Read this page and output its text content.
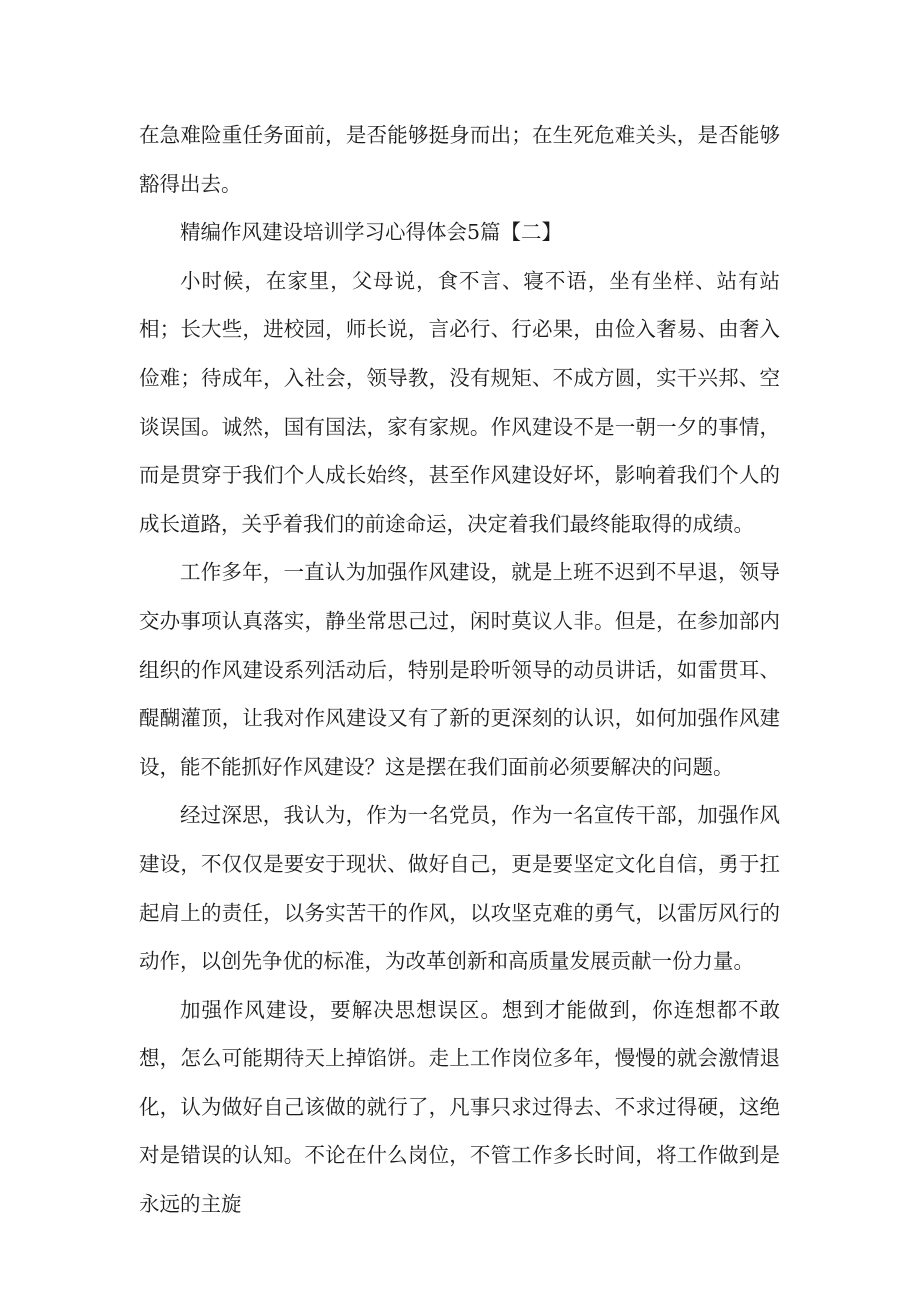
在急难险重任务面前，是否能够挺身而出；在生死危难关头，是否能够豁得出去。

精编作风建设培训学习心得体会5篇【二】

小时候，在家里，父母说，食不言、寝不语，坐有坐样、站有站相；长大些，进校园，师长说，言必行、行必果，由俭入奢易、由奢入俭难；待成年，入社会，领导教，没有规矩、不成方圆，实干兴邦、空谈误国。诚然，国有国法，家有家规。作风建设不是一朝一夕的事情，而是贯穿于我们个人成长始终，甚至作风建设好坏，影响着我们个人的成长道路，关乎着我们的前途命运，决定着我们最终能取得的成绩。

工作多年，一直认为加强作风建设，就是上班不迟到不早退，领导交办事项认真落实，静坐常思己过，闲时莫议人非。但是，在参加部内组织的作风建设系列活动后，特别是聆听领导的动员讲话，如雷贯耳、醍醐灌顶，让我对作风建设又有了新的更深刻的认识，如何加强作风建设，能不能抓好作风建设？这是摆在我们面前必须要解决的问题。

经过深思，我认为，作为一名党员，作为一名宣传干部，加强作风建设，不仅仅是要安于现状、做好自己，更是要坚定文化自信，勇于扛起肩上的责任，以务实苦干的作风，以攻坚克难的勇气，以雷厉风行的动作，以创先争优的标准，为改革创新和高质量发展贡献一份力量。

加强作风建设，要解决思想误区。想到才能做到，你连想都不敢想，怎么可能期待天上掉馅饼。走上工作岗位多年，慢慢的就会激情退化，认为做好自己该做的就行了，凡事只求过得去、不求过得硬，这绝对是错误的认知。不论在什么岗位，不管工作多长时间，将工作做到是永远的主旋
